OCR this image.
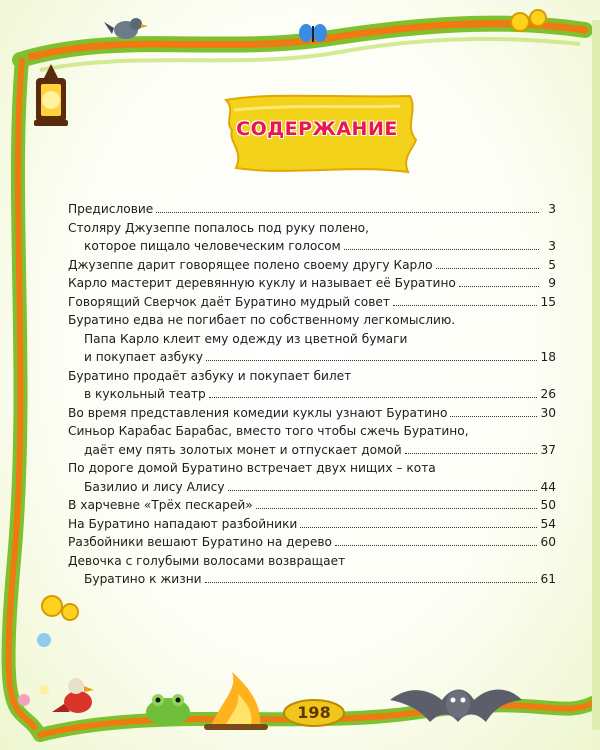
СОДЕРЖАНИЕ
Предисловие	3
Столяру Джузеппе попалось под руку полено,
которое пищало человеческим голосом	3
Джузеппе дарит говорящее полено своему другу Карло	5
Карло мастерит деревянную куклу и называет её Буратино	9
Говорящий Сверчок даёт Буратино мудрый совет	15
Буратино едва не погибает по собственному легкомыслию.
Папа Карло клеит ему одежду из цветной бумаги
и покупает азбуку	18
Буратино продаёт азбуку и покупает билет
в кукольный театр	26
Во время представления комедии куклы узнают Буратино	30
Синьор Карабас Барабас, вместо того чтобы сжечь Буратино,
даёт ему пять золотых монет и отпускает домой	37
По дороге домой Буратино встречает двух нищих – кота
Базилио и лису Алису	44
В харчевне «Трёх пескарей»	50
На Буратино нападают разбойники	54
Разбойники вешают Буратино на дерево	60
Девочка с голубыми волосами возвращает
Буратино к жизни	61
198
